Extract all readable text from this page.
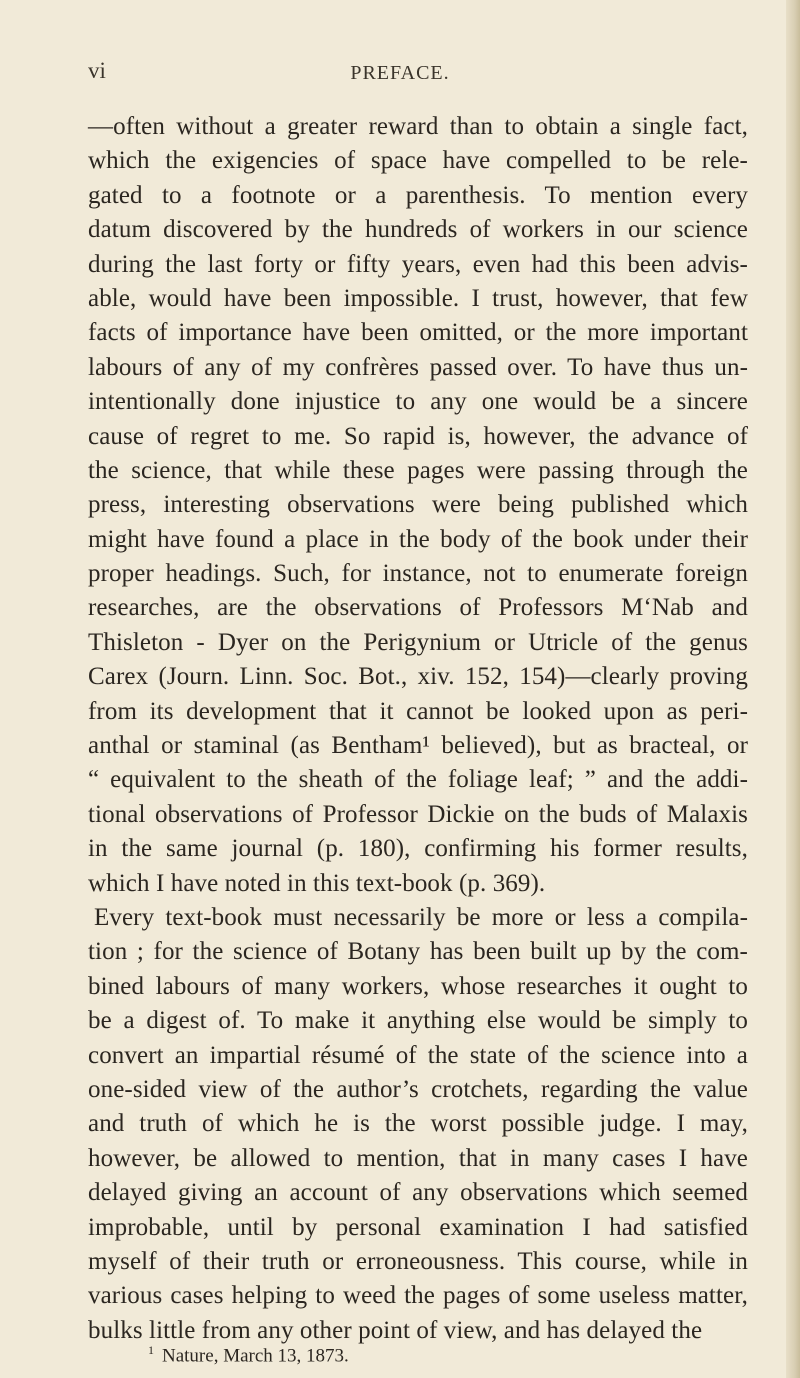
vi	PREFACE.
—often without a greater reward than to obtain a single fact,
which the exigencies of space have compelled to be rele-
gated to a footnote or a parenthesis. To mention every
datum discovered by the hundreds of workers in our science
during the last forty or fifty years, even had this been advis-
able, would have been impossible. I trust, however, that few
facts of importance have been omitted, or the more important
labours of any of my confrères passed over. To have thus un-
intentionally done injustice to any one would be a sincere
cause of regret to me. So rapid is, however, the advance of
the science, that while these pages were passing through the
press, interesting observations were being published which
might have found a place in the body of the book under their
proper headings. Such, for instance, not to enumerate foreign
researches, are the observations of Professors M‘Nab and
Thisleton - Dyer on the Perigynium or Utricle of the genus
Carex (Journ. Linn. Soc. Bot., xiv. 152, 154)—clearly proving
from its development that it cannot be looked upon as peri-
anthal or staminal (as Bentham¹ believed), but as bracteal, or
“ equivalent to the sheath of the foliage leaf; ” and the addi-
tional observations of Professor Dickie on the buds of Malaxis
in the same journal (p. 180), confirming his former results,
which I have noted in this text-book (p. 369).
Every text-book must necessarily be more or less a compila-
tion ; for the science of Botany has been built up by the com-
bined labours of many workers, whose researches it ought to
be a digest of. To make it anything else would be simply to
convert an impartial résumé of the state of the science into a
one-sided view of the author’s crotchets, regarding the value
and truth of which he is the worst possible judge. I may,
however, be allowed to mention, that in many cases I have
delayed giving an account of any observations which seemed
improbable, until by personal examination I had satisfied
myself of their truth or erroneousness. This course, while in
various cases helping to weed the pages of some useless matter,
bulks little from any other point of view, and has delayed the
$^1$ Nature, March 13, 1873.
